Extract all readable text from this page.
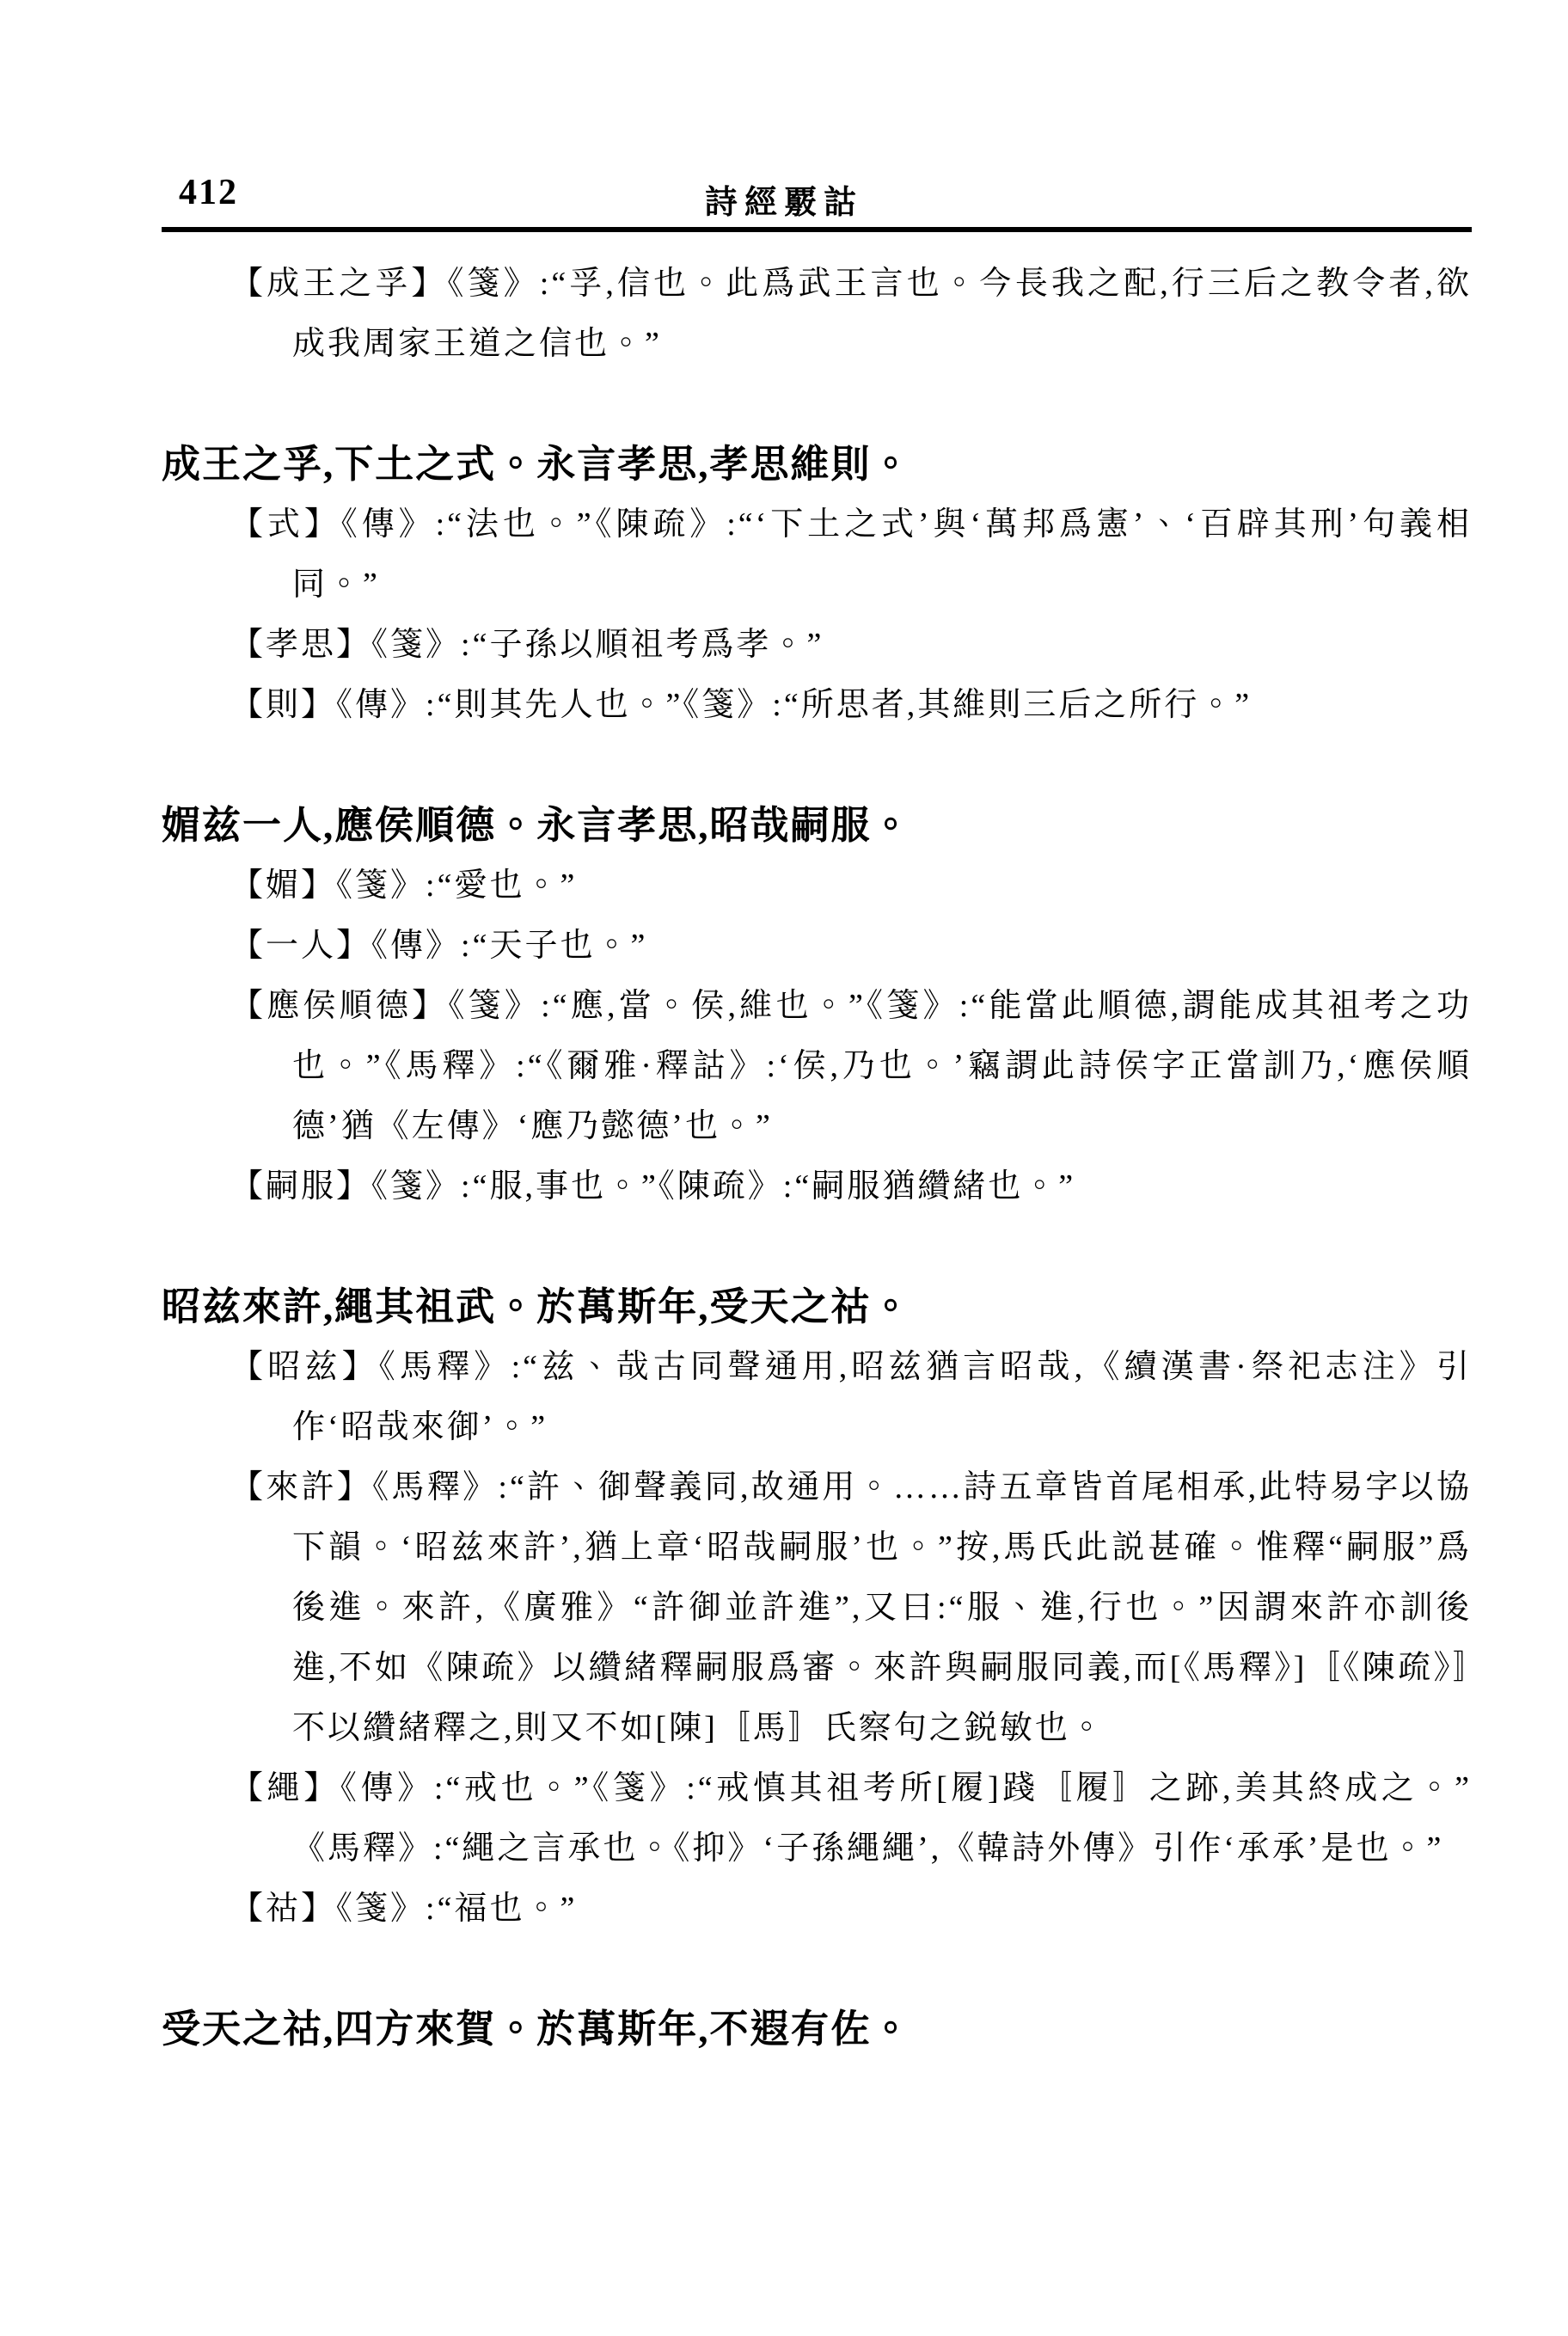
412	詩經覈詁

【成王之孚】《箋》:“孚,信也。此爲武王言也。今長我之配,行三后之教令者,欲成我周家王道之信也。”

成王之孚,下土之式。永言孝思,孝思維則。

【式】《傳》:“法也。”《陳疏》:“‘下土之式’與‘萬邦爲憲’、‘百辟其刑’句義相同。”

【孝思】《箋》:“子孫以順祖考爲孝。”

【則】《傳》:“則其先人也。”《箋》:“所思者,其維則三后之所行。”

媚兹一人,應侯順德。永言孝思,昭哉嗣服。

【媚】《箋》:“愛也。”

【一人】《傳》:“天子也。”

【應侯順德】《箋》:“應,當。侯,維也。”《箋》:“能當此順德,謂能成其祖考之功也。”《馬釋》:“《爾雅·釋詁》:‘侯,乃也。’竊謂此詩侯字正當訓乃,‘應侯順德’猶《左傳》‘應乃懿德’也。”

【嗣服】《箋》:“服,事也。”《陳疏》:“嗣服猶纘緒也。”

昭兹來許,繩其祖武。於萬斯年,受天之祜。

【昭兹】《馬釋》:“兹、哉古同聲通用,昭兹猶言昭哉,《續漢書·祭祀志注》引作‘昭哉來御’。”

【來許】《馬釋》:“許、御聲義同,故通用。……詩五章皆首尾相承,此特易字以協下韻。‘昭兹來許’,猶上章‘昭哉嗣服’也。”按,馬氏此説甚確。惟釋“嗣服”爲後進。來許,《廣雅》“許御並許進”,又曰:“服、進,行也。”因謂來許亦訓後進,不如《陳疏》以纘緒釋嗣服爲審。來許與嗣服同義,而[《馬釋》]〚《陳疏》〛不以纘緒釋之,則又不如[陳]〚馬〛氏察句之鋭敏也。

【繩】《傳》:“戒也。”《箋》:“戒慎其祖考所[履]踐〚履〛之跡,美其終成之。”《馬釋》:“繩之言承也。《抑》‘子孫繩繩’,《韓詩外傳》引作‘承承’是也。”

【祜】《箋》:“福也。”

受天之祜,四方來賀。於萬斯年,不遐有佐。
